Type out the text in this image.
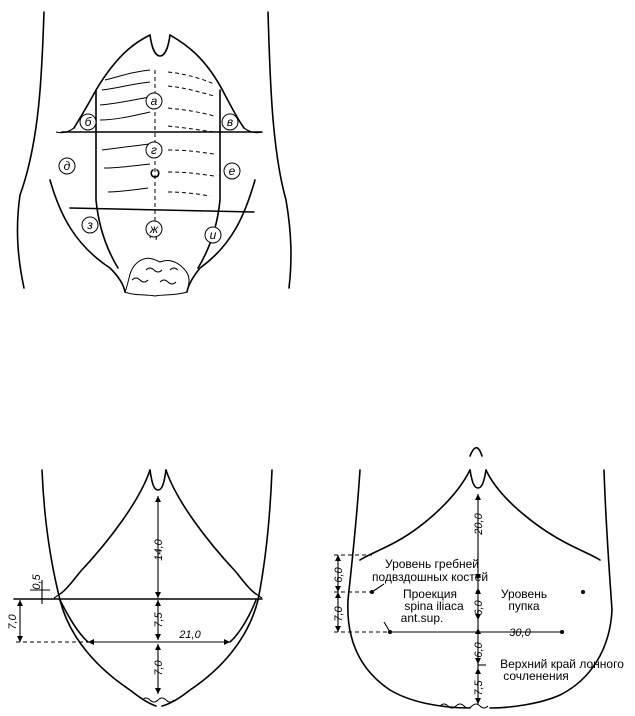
а
б	в
г
д	е
ж
з
и
14,0
7,5
7,0
21,0
0,5
7,0
20,0
6,0
7,0	6,0
30,0
6,0
7,5
Уровень гребней
подвздошных костей
Уровень
пупка
Проекция
spina iliaca
ant.sup.
Верхний край лонного
сочленения
